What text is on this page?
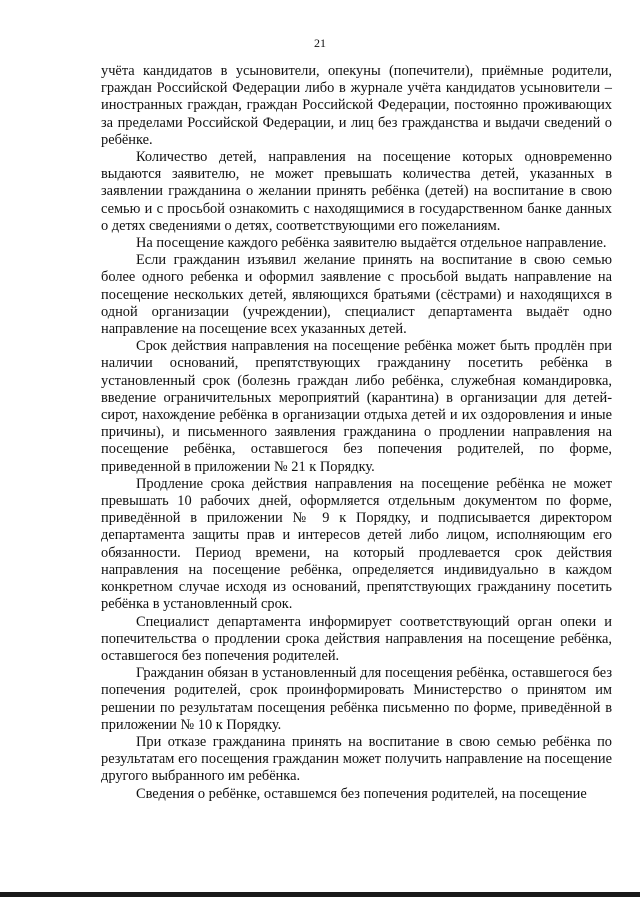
21

учёта кандидатов в усыновители, опекуны (попечители), приёмные родители, граждан Российской Федерации либо в журнале учёта кандидатов усыновители – иностранных граждан, граждан Российской Федерации, постоянно проживающих за пределами Российской Федерации, и лиц без гражданства и выдачи сведений о ребёнке.

Количество детей, направления на посещение которых одновременно выдаются заявителю, не может превышать количества детей, указанных в заявлении гражданина о желании принять ребёнка (детей) на воспитание в свою семью и с просьбой ознакомить с находящимися в государственном банке данных о детях сведениями о детях, соответствующими его пожеланиям.

На посещение каждого ребёнка заявителю выдаётся отдельное направление.

Если гражданин изъявил желание принять на воспитание в свою семью более одного ребенка и оформил заявление с просьбой выдать направление на посещение нескольких детей, являющихся братьями (сёстрами) и находящихся в одной организации (учреждении), специалист департамента выдаёт одно направление на посещение всех указанных детей.

Срок действия направления на посещение ребёнка может быть продлён при наличии оснований, препятствующих гражданину посетить ребёнка в установленный срок (болезнь граждан либо ребёнка, служебная командировка, введение ограничительных мероприятий (карантина) в организации для детей-сирот, нахождение ребёнка в организации отдыха детей и их оздоровления и иные причины), и письменного заявления гражданина о продлении направления на посещение ребёнка, оставшегося без попечения родителей, по форме, приведенной в приложении № 21 к Порядку.

Продление срока действия направления на посещение ребёнка не может превышать 10 рабочих дней, оформляется отдельным документом по форме, приведённой в приложении № 9 к Порядку, и подписывается директором департамента защиты прав и интересов детей либо лицом, исполняющим его обязанности. Период времени, на который продлевается срок действия направления на посещение ребёнка, определяется индивидуально в каждом конкретном случае исходя из оснований, препятствующих гражданину посетить ребёнка в установленный срок.

Специалист департамента информирует соответствующий орган опеки и попечительства о продлении срока действия направления на посещение ребёнка, оставшегося без попечения родителей.

Гражданин обязан в установленный для посещения ребёнка, оставшегося без попечения родителей, срок проинформировать Министерство о принятом им решении по результатам посещения ребёнка письменно по форме, приведённой в приложении № 10 к Порядку.

При отказе гражданина принять на воспитание в свою семью ребёнка по результатам его посещения гражданин может получить направление на посещение другого выбранного им ребёнка.

Сведения о ребёнке, оставшемся без попечения родителей, на посещение
